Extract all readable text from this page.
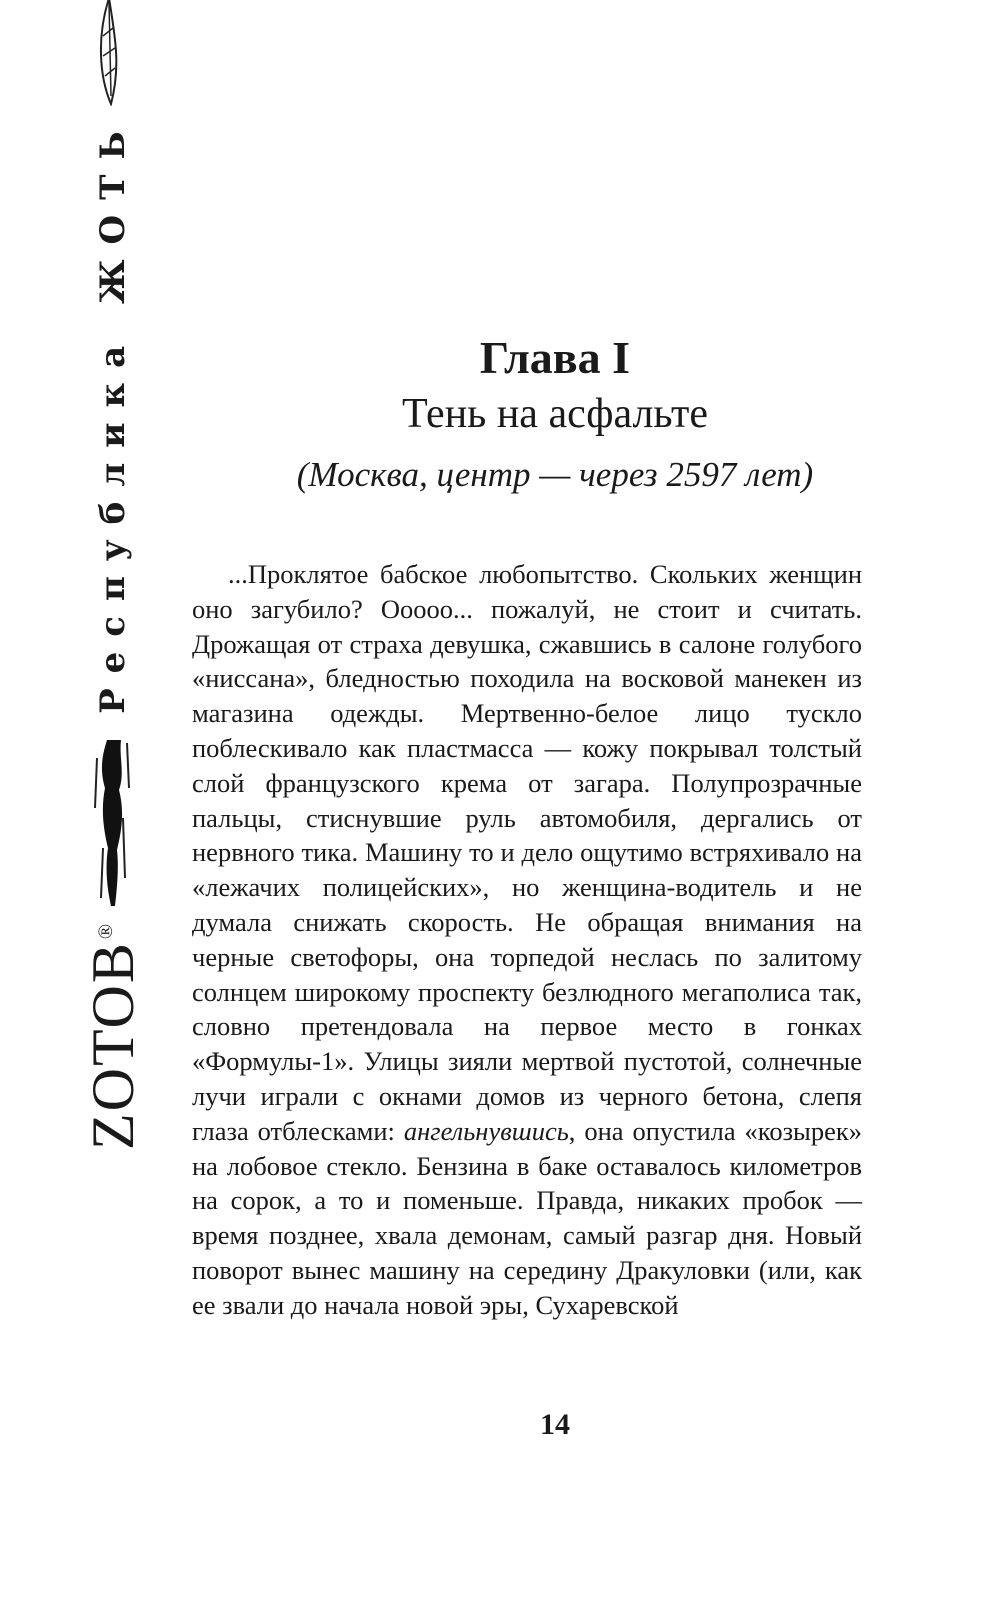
ZOTOB®
Республика ЖОТЬ	Глава I
Тень на асфальте
(Москва, центр — через 2597 лет)

...Проклятое бабское любопытство. Скольких женщин оно загубило? Ооооо... пожалуй, не стоит и считать. Дрожащая от страха девушка, сжавшись в салоне голубого «ниссана», бледностью походила на восковой манекен из магазина одежды. Мертвенно-белое лицо тускло поблескивало как пластмасса — кожу покрывал толстый слой французского крема от загара. Полупрозрачные пальцы, стиснувшие руль автомобиля, дергались от нервного тика. Машину то и дело ощутимо встряхивало на «лежачих полицейских», но женщина-водитель и не думала снижать скорость. Не обращая внимания на черные светофоры, она торпедой неслась по залитому солнцем широкому проспекту безлюдного мегаполиса так, словно претендовала на первое место в гонках «Формулы-1». Улицы зияли мертвой пустотой, солнечные лучи играли с окнами домов из черного бетона, слепя глаза отблесками: ангельнувшись, она опустила «козырек» на лобовое стекло. Бензина в баке оставалось километров на сорок, а то и поменьше. Правда, никаких пробок — время позднее, хвала демонам, самый разгар дня. Новый поворот вынес машину на середину Дракуловки (или, как ее звали до начала новой эры, Сухаревской

14
